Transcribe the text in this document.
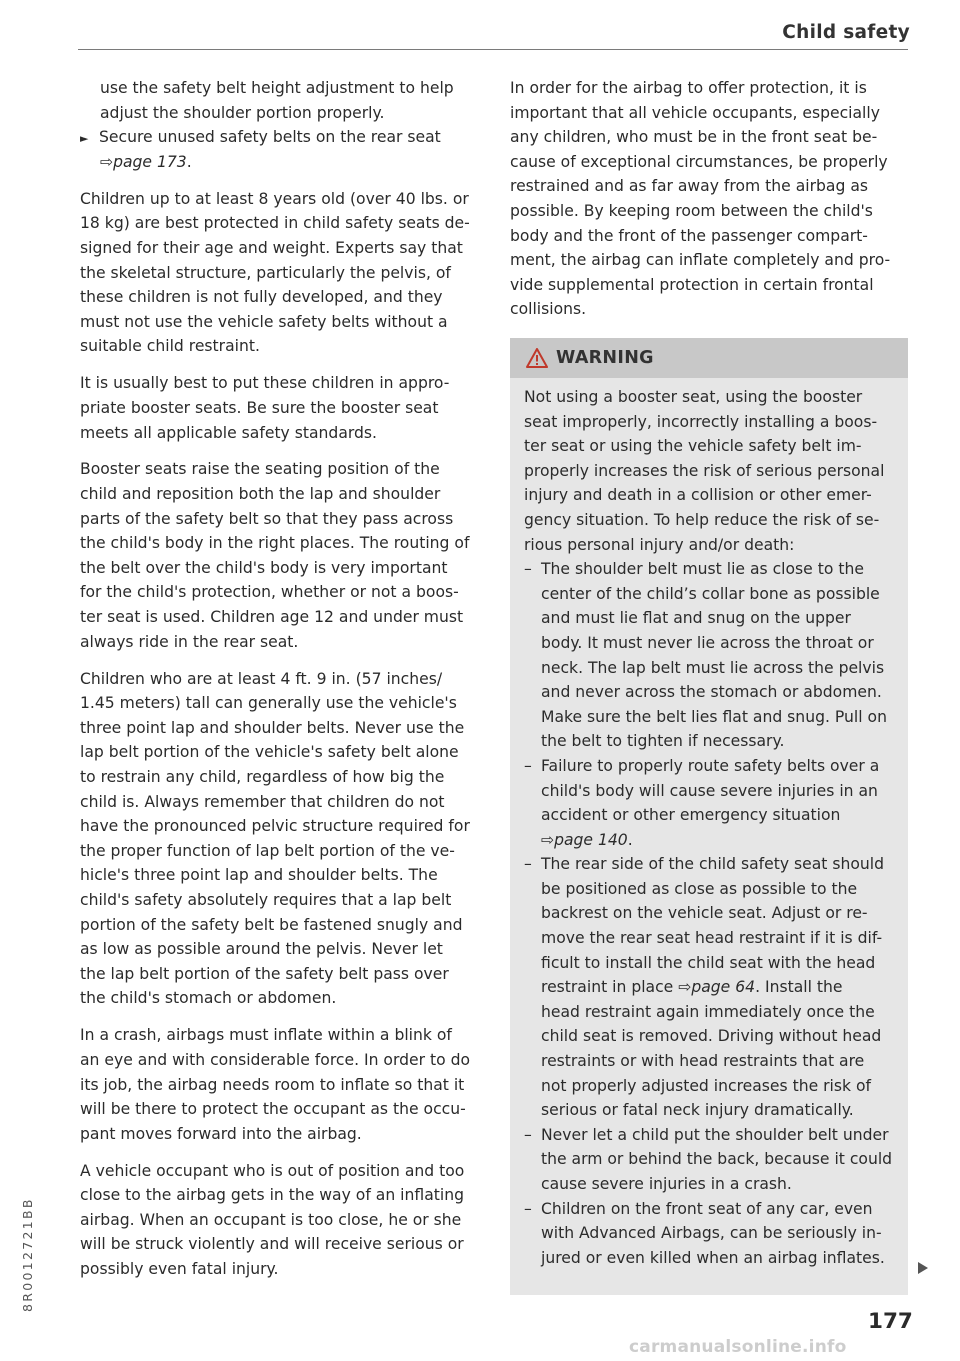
Child safety
use the safety belt height adjustment to help
adjust the shoulder portion properly.
► Secure unused safety belts on the rear seat
⇨page 173.
Children up to at least 8 years old (over 40 lbs. or
18 kg) are best protected in child safety seats de-
signed for their age and weight. Experts say that
the skeletal structure, particularly the pelvis, of
these children is not fully developed, and they
must not use the vehicle safety belts without a
suitable child restraint.
It is usually best to put these children in appro-
priate booster seats. Be sure the booster seat
meets all applicable safety standards.
Booster seats raise the seating position of the
child and reposition both the lap and shoulder
parts of the safety belt so that they pass across
the child's body in the right places. The routing of
the belt over the child's body is very important
for the child's protection, whether or not a boos-
ter seat is used. Children age 12 and under must
always ride in the rear seat.
Children who are at least 4 ft. 9 in. (57 inches/
1.45 meters) tall can generally use the vehicle's
three point lap and shoulder belts. Never use the
lap belt portion of the vehicle's safety belt alone
to restrain any child, regardless of how big the
child is. Always remember that children do not
have the pronounced pelvic structure required for
the proper function of lap belt portion of the ve-
hicle's three point lap and shoulder belts. The
child's safety absolutely requires that a lap belt
portion of the safety belt be fastened snugly and
as low as possible around the pelvis. Never let
the lap belt portion of the safety belt pass over
the child's stomach or abdomen.
In a crash, airbags must inflate within a blink of
an eye and with considerable force. In order to do
its job, the airbag needs room to inflate so that it
will be there to protect the occupant as the occu-
pant moves forward into the airbag.
A vehicle occupant who is out of position and too
close to the airbag gets in the way of an inflating
airbag. When an occupant is too close, he or she
will be struck violently and will receive serious or
possibly even fatal injury.
In order for the airbag to offer protection, it is
important that all vehicle occupants, especially
any children, who must be in the front seat be-
cause of exceptional circumstances, be properly
restrained and as far away from the airbag as
possible. By keeping room between the child's
body and the front of the passenger compart-
ment, the airbag can inflate completely and pro-
vide supplemental protection in certain frontal
collisions.
WARNING
Not using a booster seat, using the booster
seat improperly, incorrectly installing a boos-
ter seat or using the vehicle safety belt im-
properly increases the risk of serious personal
injury and death in a collision or other emer-
gency situation. To help reduce the risk of se-
rious personal injury and/or death:
– The shoulder belt must lie as close to the
center of the child’s collar bone as possible
and must lie flat and snug on the upper
body. It must never lie across the throat or
neck. The lap belt must lie across the pelvis
and never across the stomach or abdomen.
Make sure the belt lies flat and snug. Pull on
the belt to tighten if necessary.
– Failure to properly route safety belts over a
child's body will cause severe injuries in an
accident or other emergency situation
⇨page 140.
– The rear side of the child safety seat should
be positioned as close as possible to the
backrest on the vehicle seat. Adjust or re-
move the rear seat head restraint if it is dif-
ficult to install the child seat with the head
restraint in place ⇨page 64. Install the
head restraint again immediately once the
child seat is removed. Driving without head
restraints or with head restraints that are
not properly adjusted increases the risk of
serious or fatal neck injury dramatically.
– Never let a child put the shoulder belt under
the arm or behind the back, because it could
cause severe injuries in a crash.
– Children on the front seat of any car, even
with Advanced Airbags, can be seriously in-
jured or even killed when an airbag inflates.
177
8R0012721BB
carmanualsonline.info
